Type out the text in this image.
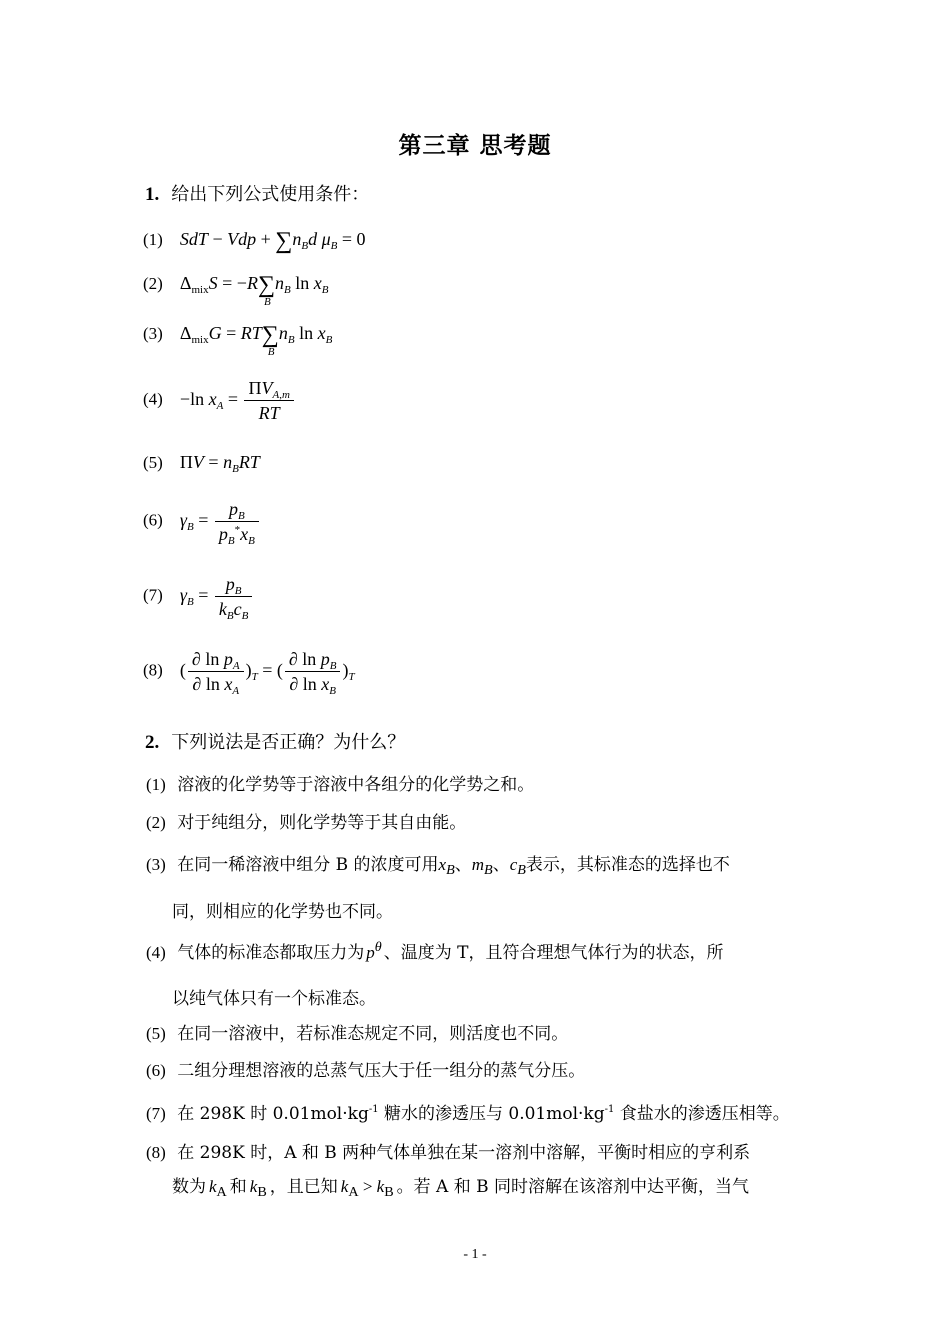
第三章 思考题
1. 给出下列公式使用条件：
(1) SdT − Vdp + $\sum n_Bd$ $\mu_B = 0$
(2) $\Delta_{mix}S = -R\sum$
B
$n_B$ $\ln x_B$
(3) $\Delta_{mix}G = RT\sum$
B
$n_B$ $\ln x_B$
(4) −ln $x_A = \frac{\Pi V_{A,m}}{RT}$
(5) $\Pi V = n_BRT$
(6) $\gamma_B = \frac{p_B}{p_B^*x_B}$
(7) $\gamma_B = \frac{p_B}{k_Bc_B}$
(8) ( $\frac{\partial \ln p_A}{\partial \ln x_A} )_T$ = ( $\frac{\partial \ln p_B}{\partial \ln x_B} )_T$
2. 下列说法是否正确？为什么？
(1) 溶液的化学势等于溶液中各组分的化学势之和。
(2) 对于纯组分，则化学势等于其自由能。
(3) 在同一稀溶液中组分 B 的浓度可用$x_B$、$m_B$、$c_B$表示，其标准态的选择也不
同，则相应的化学势也不同。
(4) 气体的标准态都取压力为 $p^\theta$ 、温度为 T，且符合理想气体行为的状态，所
以纯气体只有一个标准态。
(5) 在同一溶液中，若标准态规定不同，则活度也不同。
(6) 二组分理想溶液的总蒸气压大于任一组分的蒸气分压。
(7) 在 298K 时 $0.01mol\cdot kg^{-1}$ 糖水的渗透压与 $0.01mol\cdot kg^{-1}$ 食盐水的渗透压相等。
(8) 在 298K 时，A 和 B 两种气体单独在某一溶剂中溶解，平衡时相应的亨利系
数为 $k_A$ 和 $k_B$ ，且已知 $k_A > k_B$ 。若 A 和 B 同时溶解在该溶剂中达平衡，当气
- 1 -
